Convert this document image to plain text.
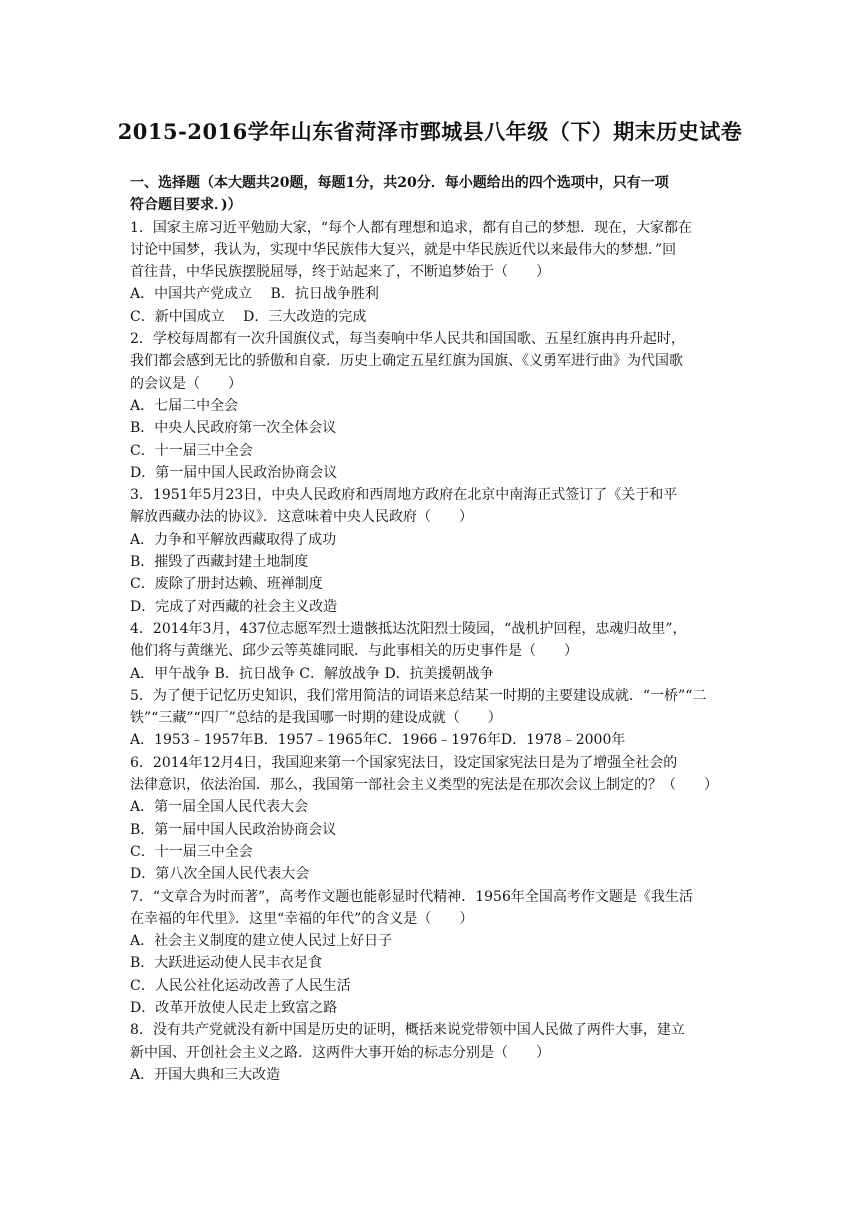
2015-2016学年山东省菏泽市鄄城县八年级（下）期末历史试卷
一、选择题（本大题共20题，每题1分，共20分．每小题给出的四个选项中，只有一项
符合题目要求．)）
1．国家主席习近平勉励大家，“每个人都有理想和追求，都有自己的梦想．现在，大家都在
讨论中国梦，我认为，实现中华民族伟大复兴，就是中华民族近代以来最伟大的梦想．”回
首往昔，中华民族摆脱屈辱，终于站起来了，不断追梦始于（　　）
A．中国共产党成立　 B．抗日战争胜利
C．新中国成立　 D．三大改造的完成
2．学校每周都有一次升国旗仪式，每当奏响中华人民共和国国歌、五星红旗冉冉升起时，
我们都会感到无比的骄傲和自豪．历史上确定五星红旗为国旗、《义勇军进行曲》为代国歌
的会议是（　　）
A．七届二中全会
B．中央人民政府第一次全体会议
C．十一届三中全会
D．第一届中国人民政治协商会议
3．1951年5月23日，中央人民政府和西周地方政府在北京中南海正式签订了《关于和平
解放西藏办法的协议》．这意味着中央人民政府（　　）
A．力争和平解放西藏取得了成功
B．摧毁了西藏封建土地制度
C．废除了册封达赖、班禅制度
D．完成了对西藏的社会主义改造
4．2014年3月，437位志愿军烈士遗骸抵达沈阳烈士陵园，“战机护回程，忠魂归故里”，
他们将与黄继光、邱少云等英雄同眠．与此事相关的历史事件是（　　）
A．甲午战争 B．抗日战争 C．解放战争 D．抗美援朝战争
5．为了便于记忆历史知识，我们常用简洁的词语来总结某一时期的主要建设成就．“一桥”“二
铁”“三藏”“四厂”总结的是我国哪一时期的建设成就（　　）
A．1953﹣1957年B．1957﹣1965年C．1966﹣1976年D．1978﹣2000年
6．2014年12月4日，我国迎来第一个国家宪法日，设定国家宪法日是为了增强全社会的
法律意识，依法治国．那么，我国第一部社会主义类型的宪法是在那次会议上制定的？（　　）
A．第一届全国人民代表大会
B．第一届中国人民政治协商会议
C．十一届三中全会
D．第八次全国人民代表大会
7．“文章合为时而著”，高考作文题也能彰显时代精神．1956年全国高考作文题是《我生活
在幸福的年代里》．这里“幸福的年代”的含义是（　　）
A．社会主义制度的建立使人民过上好日子
B．大跃进运动使人民丰衣足食
C．人民公社化运动改善了人民生活
D．改革开放使人民走上致富之路
8．没有共产党就没有新中国是历史的证明，概括来说党带领中国人民做了两件大事，建立
新中国、开创社会主义之路．这两件大事开始的标志分别是（　　）
A．开国大典和三大改造
